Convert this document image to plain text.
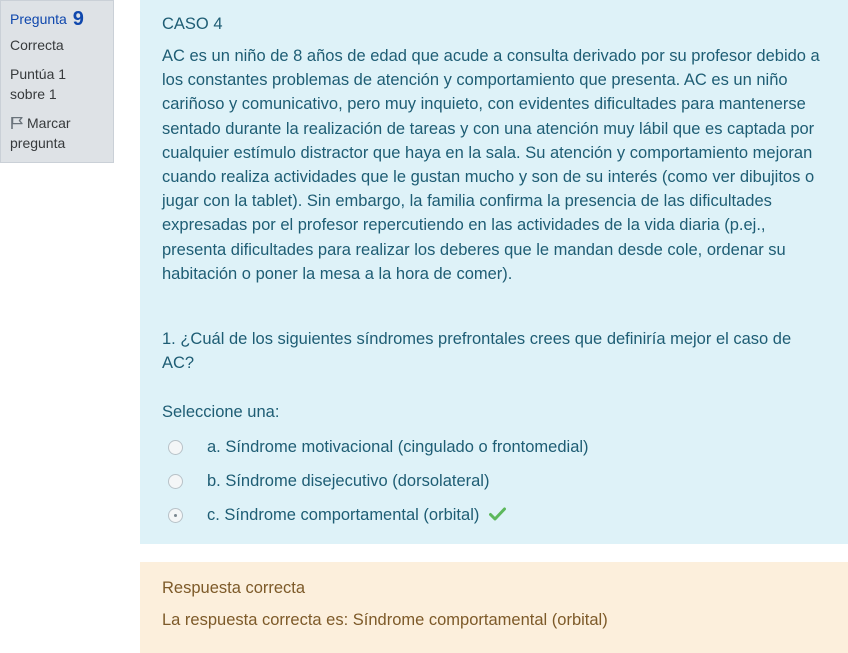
Pregunta 9
Correcta
Puntúa 1 sobre 1
Marcar pregunta

CASO 4

AC es un niño de 8 años de edad que acude a consulta derivado por su profesor debido a los constantes problemas de atención y comportamiento que presenta. AC es un niño cariñoso y comunicativo, pero muy inquieto, con evidentes dificultades para mantenerse sentado durante la realización de tareas y con una atención muy lábil que es captada por cualquier estímulo distractor que haya en la sala. Su atención y comportamiento mejoran cuando realiza actividades que le gustan mucho y son de su interés (como ver dibujitos o jugar con la tablet). Sin embargo, la familia confirma la presencia de las dificultades expresadas por el profesor repercutiendo en las actividades de la vida diaria (p.ej., presenta dificultades para realizar los deberes que le mandan desde cole, ordenar su habitación o poner la mesa a la hora de comer).

1. ¿Cuál de los siguientes síndromes prefrontales crees que definiría mejor el caso de AC?

Seleccione una:

a. Síndrome motivacional (cingulado o frontomedial)
b. Síndrome disejecutivo (dorsolateral)
c. Síndrome comportamental (orbital)

Respuesta correcta

La respuesta correcta es: Síndrome comportamental (orbital)
